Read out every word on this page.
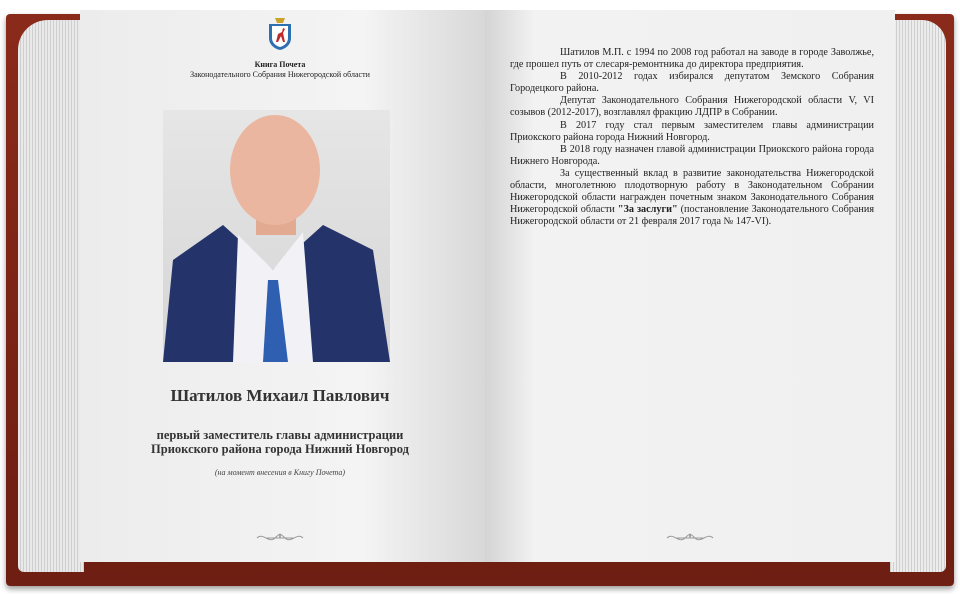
Книга Почета
Законодательного Собрания Нижегородской области
Шатилов Михаил Павлович
первый заместитель главы администрации
Приокского района города Нижний Новгород
(на момент внесения в Книгу Почета)

Шатилов М.П. с 1994 по 2008 год работал на заводе в городе Заволжье, где прошел путь от слесаря-ремонтника до директора предприятия.

В 2010-2012 годах избирался депутатом Земского Собрания Городецкого района.

Депутат Законодательного Собрания Нижегородской области V, VI созывов (2012-2017), возглавлял фракцию ЛДПР в Собрании.

В 2017 году стал первым заместителем главы администрации Приокского района города Нижний Новгород.

В 2018 году назначен главой администрации Приокского района города Нижнего Новгорода.

За существенный вклад в развитие законодательства Нижегородской области, многолетнюю плодотворную работу в Законодательном Собрании Нижегородской области награжден почетным знаком Законодательного Собрания Нижегородской области "За заслуги" (постановление Законодательного Собрания Нижегородской области от 21 февраля 2017 года № 147-VI).
